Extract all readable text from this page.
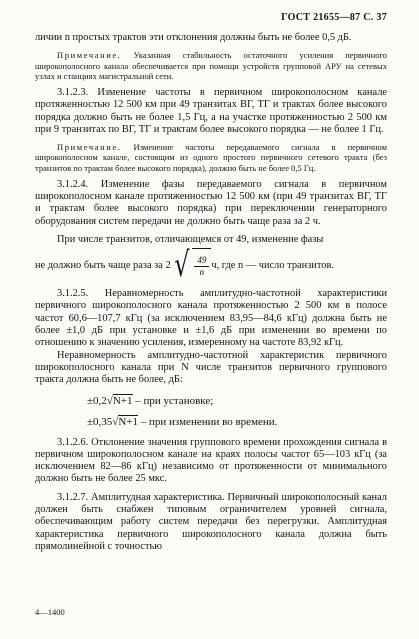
ГОСТ 21655—87 С. 37

личии n простых трактов эти отклонения должны быть не более 0,5 дБ.

Примечание. Указанная стабильность остаточного усиления первичного широкополосного канала обеспечивается при помощи устройств групповой АРУ на сетевых узлах и станциях магистральной сети.

3.1.2.3. Изменение частоты в первичном широкополосном канале протяженностью 12 500 км при 49 транзитах ВГ, ТГ и трактах более высокого порядка должно быть не более 1,5 Гц, а на участке протяженностью 2 500 км при 9 транзитах по ВГ, ТГ и трактам более высокого порядка — не более 1 Гц.

Примечание. Изменение частоты передаваемого сигнала в первичном широкополосном канале, состоящим из одного простого первичного сетевого тракта (без транзитов по трактам более высокого порядка), должно быть не более 0,5 Гц.

3.1.2.4. Изменение фазы передаваемого сигнала в первичном широкополосном канале протяженностью 12 500 км (при 49 транзитах ВГ, ТГ и трактам более высокого порядка) при переключении генераторного оборудования систем передачи не должно быть чаще раза за 2 ч.

При числе транзитов, отличающемся от 49, изменение фазы

не должно быть чаще раза за 2 √ $\frac{49}{n} ч$, где n — число транзитов.

3.1.2.5. Неравномерность амплитудно-частотной характеристики первичного широкополосного канала протяженностью 2 500 км в полосе частот 60,6—107,7 кГц (за исключением 83,95—84,6 кГц) должна быть не более ±1,0 дБ при установке и ±1,6 дБ при изменении во времени по отношению к значению усиления, измеренному на частоте 83,92 кГц.

Неравномерность амплитудно-частотной характеристик первичного широкополосного канала при N числе транзитов первичного группового тракта должна быть не более, дБ:

±0,2√N+1 – при установке;
±0,35√N+1 – при изменении во времени.

3.1.2.6. Отклонение значения группового времени прохождения сигнала в первичном широкополосном канале на краях полосы частот 65—103 кГц (за исключением 82—86 кГц) независимо от протяженности от минимального должно быть не более 25 мкс.

3.1.2.7. Амплитудная характеристика. Первичный широкополосный канал должен быть снабжен типовым ограничителем уровней сигнала, обеспечивающим работу систем передачи без перегрузки. Амплитудная характеристика первичного широкополосного канала должна быть прямолинейной с точностью

4—1400
